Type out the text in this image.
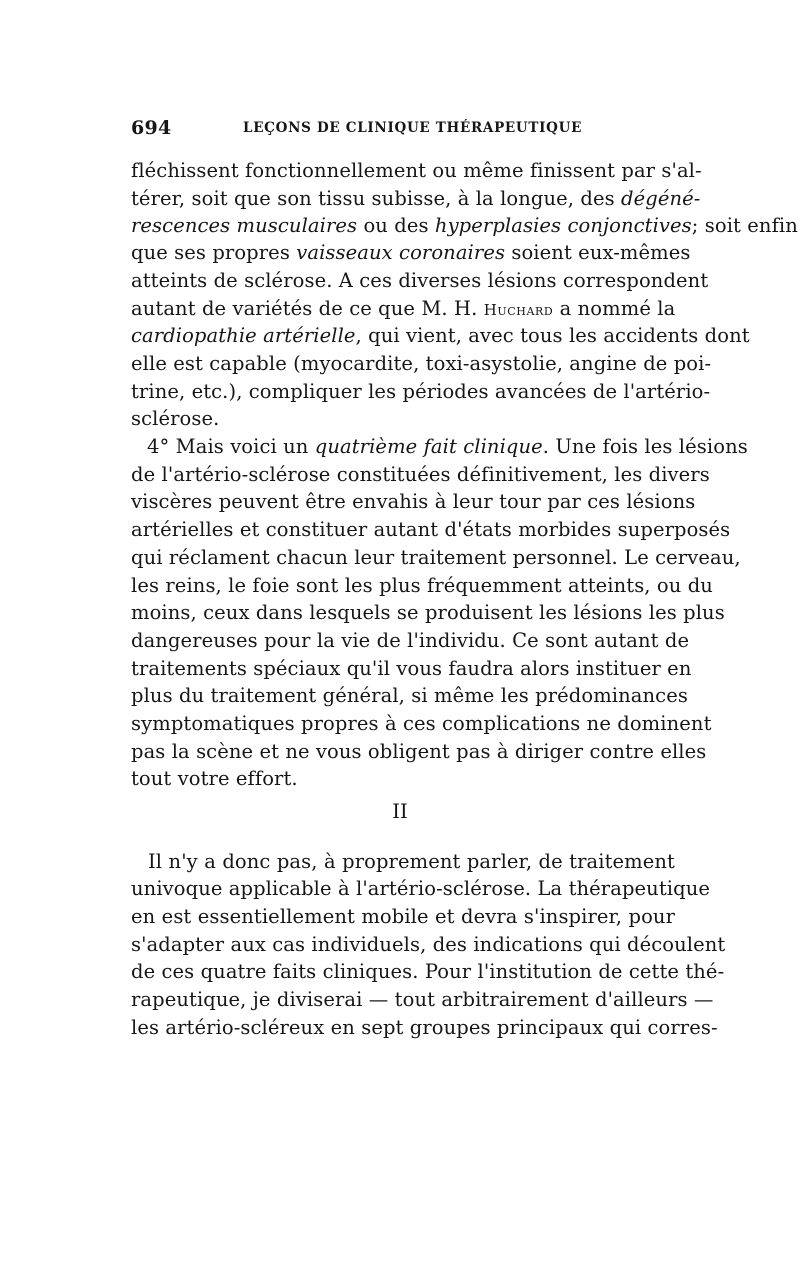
694	LEÇONS DE CLINIQUE THÉRAPEUTIQUE
fléchissent fonctionnellement ou même finissent par s'al-
térer, soit que son tissu subisse, à la longue, des dégéné-
rescences musculaires ou des hyperplasies conjonctives; soit enfin
que ses propres vaisseaux coronaires soient eux-mêmes
atteints de sclérose. A ces diverses lésions correspondent
autant de variétés de ce que M. H. Huchard a nommé la
cardiopathie artérielle, qui vient, avec tous les accidents dont
elle est capable (myocardite, toxi-asystolie, angine de poi-
trine, etc.), compliquer les périodes avancées de l'artério-
sclérose.
4° Mais voici un quatrième fait clinique. Une fois les lésions
de l'artério-sclérose constituées définitivement, les divers
viscères peuvent être envahis à leur tour par ces lésions
artérielles et constituer autant d'états morbides superposés
qui réclament chacun leur traitement personnel. Le cerveau,
les reins, le foie sont les plus fréquemment atteints, ou du
moins, ceux dans lesquels se produisent les lésions les plus
dangereuses pour la vie de l'individu. Ce sont autant de
traitements spéciaux qu'il vous faudra alors instituer en
plus du traitement général, si même les prédominances
symptomatiques propres à ces complications ne dominent
pas la scène et ne vous obligent pas à diriger contre elles
tout votre effort.
II
Il n'y a donc pas, à proprement parler, de traitement
univoque applicable à l'artério-sclérose. La thérapeutique
en est essentiellement mobile et devra s'inspirer, pour
s'adapter aux cas individuels, des indications qui découlent
de ces quatre faits cliniques. Pour l'institution de cette thé-
rapeutique, je diviserai — tout arbitrairement d'ailleurs —
les artério-scléreux en sept groupes principaux qui corres-
